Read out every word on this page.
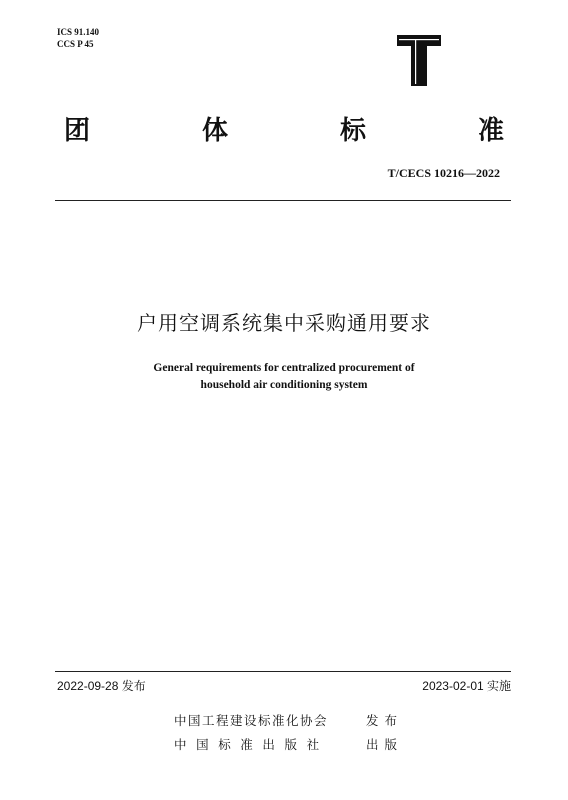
ICS 91.140
CCS P 45
团	体	标	准
T/CECS 10216—2022
户用空调系统集中采购通用要求
General requirements for centralized procurement of
household air conditioning system
2022-09-28 发布	2023-02-01 实施
中国工程建设标准化协会	发布
中国标准出版社	出版
